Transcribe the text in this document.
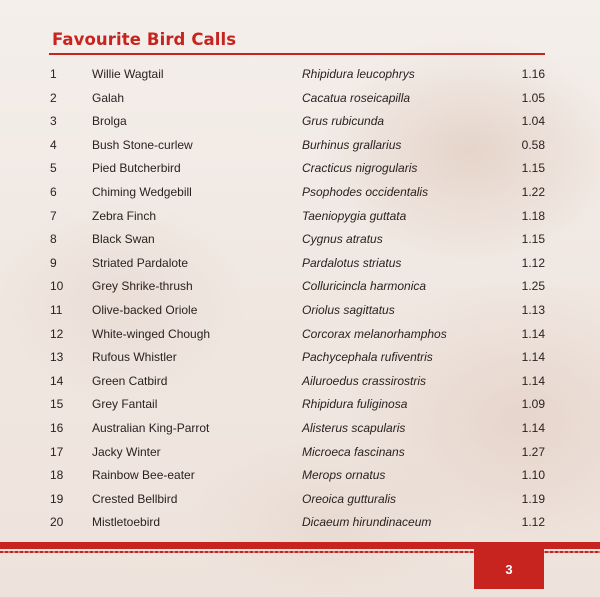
Favourite Bird Calls
1	Willie Wagtail	Rhipidura leucophrys	1.16
2	Galah	Cacatua roseicapilla	1.05
3	Brolga	Grus rubicunda	1.04
4	Bush Stone-curlew	Burhinus grallarius	0.58
5	Pied Butcherbird	Cracticus nigrogularis	1.15
6	Chiming Wedgebill	Psophodes occidentalis	1.22
7	Zebra Finch	Taeniopygia guttata	1.18
8	Black Swan	Cygnus atratus	1.15
9	Striated Pardalote	Pardalotus striatus	1.12
10 Grey Shrike-thrush	Colluricincla harmonica	1.25
11 Olive-backed Oriole	Oriolus sagittatus	1.13
12 White-winged Chough	Corcorax melanorhamphos	1.14
13 Rufous Whistler	Pachycephala rufiventris	1.14
14 Green Catbird	Ailuroedus crassirostris	1.14
15 Grey Fantail	Rhipidura fuliginosa	1.09
16 Australian King-Parrot	Alisterus scapularis	1.14
17 Jacky Winter	Microeca fascinans	1.27
18 Rainbow Bee-eater	Merops ornatus	1.10
19 Crested Bellbird	Oreoica gutturalis	1.19
20 Mistletoebird	Dicaeum hirundinaceum	1.12
3
